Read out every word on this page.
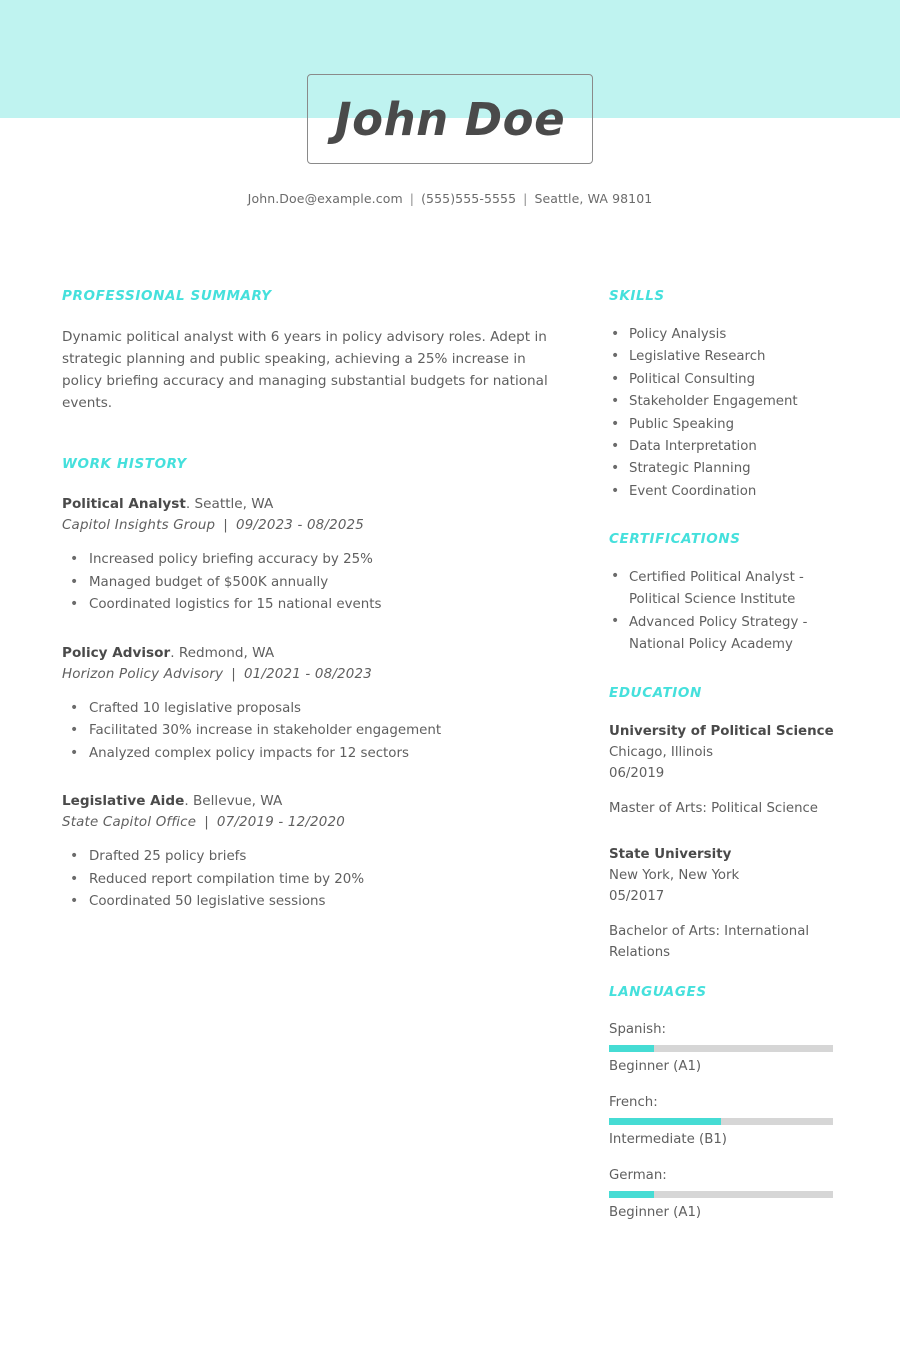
John Doe
John.Doe@example.com | (555)555-5555 | Seattle, WA 98101
PROFESSIONAL SUMMARY
Dynamic political analyst with 6 years in policy advisory roles. Adept in strategic planning and public speaking, achieving a 25% increase in policy briefing accuracy and managing substantial budgets for national events.
WORK HISTORY
Political Analyst. Seattle, WA
Capitol Insights Group | 09/2023 - 08/2025
• Increased policy briefing accuracy by 25%
• Managed budget of $500K annually
• Coordinated logistics for 15 national events
Policy Advisor. Redmond, WA
Horizon Policy Advisory | 01/2021 - 08/2023
• Crafted 10 legislative proposals
• Facilitated 30% increase in stakeholder engagement
• Analyzed complex policy impacts for 12 sectors
Legislative Aide. Bellevue, WA
State Capitol Office | 07/2019 - 12/2020
• Drafted 25 policy briefs
• Reduced report compilation time by 20%
• Coordinated 50 legislative sessions
SKILLS
• Policy Analysis
• Legislative Research
• Political Consulting
• Stakeholder Engagement
• Public Speaking
• Data Interpretation
• Strategic Planning
• Event Coordination
CERTIFICATIONS
• Certified Political Analyst - Political Science Institute
• Advanced Policy Strategy - National Policy Academy
EDUCATION
University of Political Science
Chicago, Illinois
06/2019
Master of Arts: Political Science
State University
New York, New York
05/2017
Bachelor of Arts: International Relations
LANGUAGES
Spanish:
Beginner (A1)
French:
Intermediate (B1)
German:
Beginner (A1)
